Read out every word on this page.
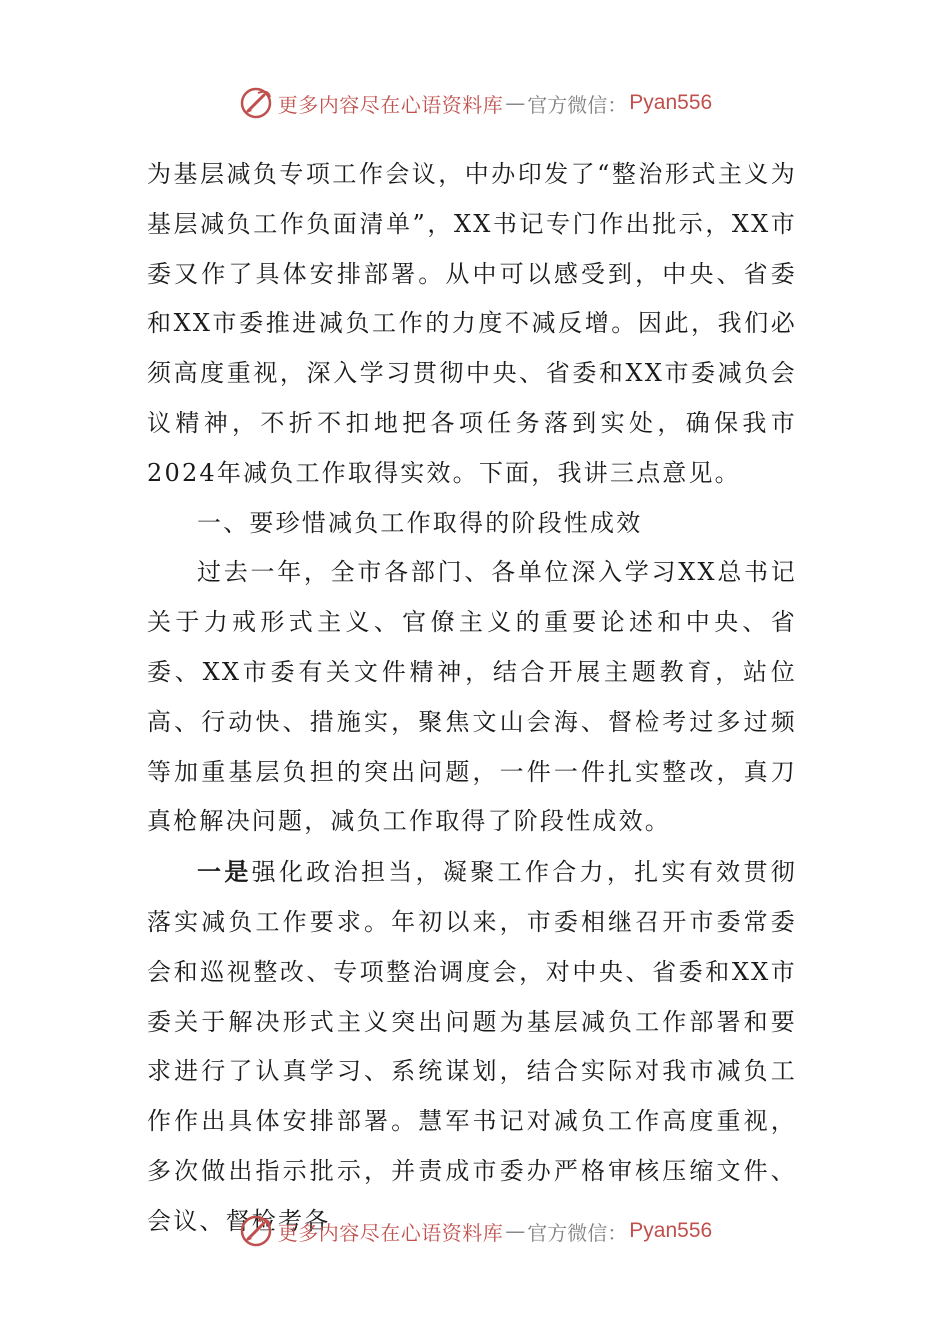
更多内容尽在心语资料库 — 官方微信： Pyan556

为基层减负专项工作会议，中办印发了“整治形式主义为基层减负工作负面清单”，XX书记专门作出批示，XX市委又作了具体安排部署。从中可以感受到，中央、省委和XX市委推进减负工作的力度不减反增。因此，我们必须高度重视，深入学习贯彻中央、省委和XX市委减负会议精神，不折不扣地把各项任务落到实处，确保我市2024年减负工作取得实效。下面，我讲三点意见。

一、要珍惜减负工作取得的阶段性成效

过去一年，全市各部门、各单位深入学习XX总书记关于力戒形式主义、官僚主义的重要论述和中央、省委、XX市委有关文件精神，结合开展主题教育，站位高、行动快、措施实，聚焦文山会海、督检考过多过频等加重基层负担的突出问题，一件一件扎实整改，真刀真枪解决问题，减负工作取得了阶段性成效。

一是强化政治担当，凝聚工作合力，扎实有效贯彻落实减负工作要求。年初以来，市委相继召开市委常委会和巡视整改、专项整治调度会，对中央、省委和XX市委关于解决形式主义突出问题为基层减负工作部署和要求进行了认真学习、系统谋划，结合实际对我市减负工作作出具体安排部署。慧军书记对减负工作高度重视，多次做出指示批示，并责成市委办严格审核压缩文件、会议、督检考各

更多内容尽在心语资料库 — 官方微信： Pyan556
